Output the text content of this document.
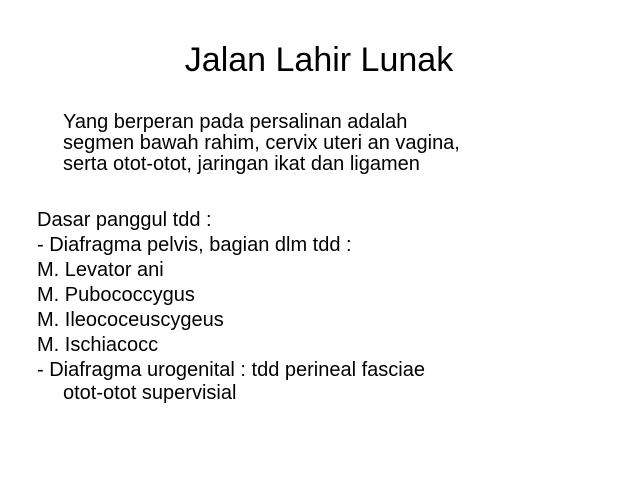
Jalan Lahir Lunak
Yang berperan pada persalinan adalah
segmen bawah rahim, cervix uteri an vagina,
serta otot-otot, jaringan ikat dan ligamen
Dasar panggul tdd :
- Diafragma pelvis, bagian dlm tdd :
M. Levator ani
M. Pubococcygus
M. Ileococeuscygeus
M. Ischiacocc
- Diafragma urogenital : tdd perineal fasciae
otot-otot supervisial
